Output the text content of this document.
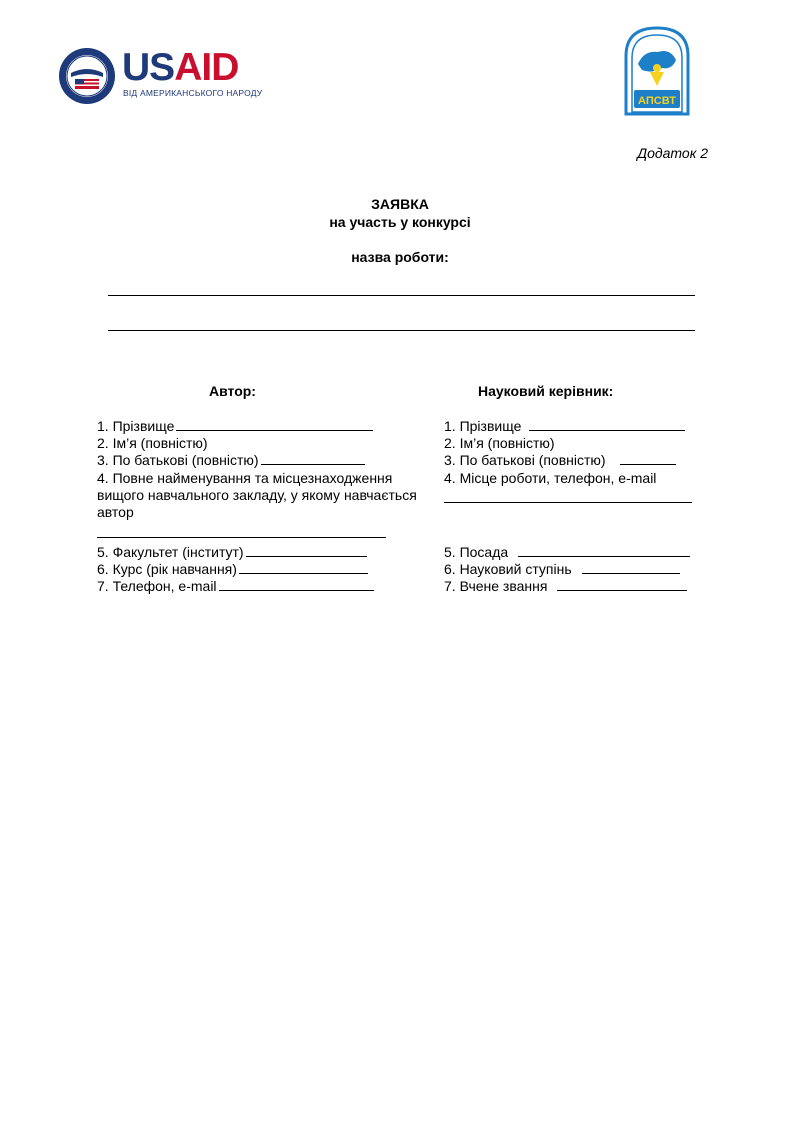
USAID
ВІД АМЕРИКАНСЬКОГО НАРОДУ
АПСВТ
Додаток 2
ЗАЯВКА
на участь у конкурсі
назва роботи:
Автор:
1. Прізвище
2. Ім’я (повністю)
3. По батькові (повністю)
4. Повне найменування та місцезнаходження вищого навчального закладу, у якому навчається автор
5. Факультет (інститут)
6. Курс (рік навчання)
7. Телефон, e-mail
Науковий керівник:
1. Прізвище
2. Ім’я (повністю)
3. По батькові (повністю)
4. Місце роботи, телефон, e-mail
5. Посада
6. Науковий ступінь
7. Вчене звання
